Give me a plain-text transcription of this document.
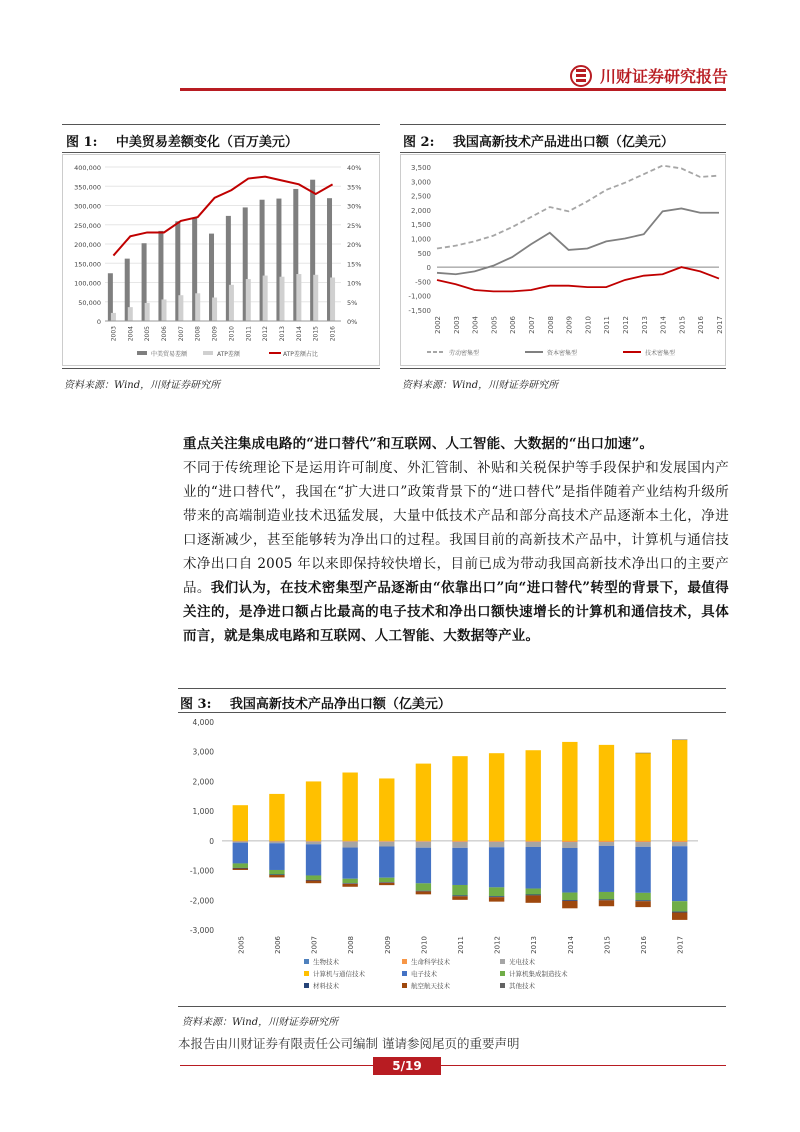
川财证券研究报告
图 1: 中美贸易差额变化（百万美元）
0
50,000
100,000
150,000
200,000
250,000
300,000
350,000
400,000
0%
5%
10%
15%
20%
25%
30%
35%
40%
2003 2004 2005 2006 2007 2008 2009 2010 2011 2012 2013 2014 2015 2016
中美贸易差额	ATP差额	ATP差额占比
资料来源：Wind，川财证券研究所
图 2: 我国高新技术产品进出口额（亿美元）
-1,500
-1,000
-500
0
500
1,000
1,500
2,000
2,500
3,000
3,500
2002 2003 2004 2005 2006 2007 2008 2009 2010 2011 2012 2013 2014 2015 2016 2017
劳动密集型	资本密集型	技术密集型
资料来源：Wind，川财证券研究所

重点关注集成电路的“进口替代”和互联网、人工智能、大数据的“出口加速”。

不同于传统理论下是运用许可制度、外汇管制、补贴和关税保护等手段保护和发展国内产业的“进口替代”，我国在“扩大进口”政策背景下的“进口替代”是指伴随着产业结构升级所带来的高端制造业技术迅猛发展，大量中低技术产品和部分高技术产品逐渐本土化，净进口逐渐减少，甚至能够转为净出口的过程。我国目前的高新技术产品中，计算机与通信技术净出口自 2005 年以来即保持较快增长，目前已成为带动我国高新技术净出口的主要产品。我们认为，在技术密集型产品逐渐由“依靠出口”向“进口替代”转型的背景下，最值得关注的，是净进口额占比最高的电子技术和净出口额快速增长的计算机和通信技术，具体而言，就是集成电路和互联网、人工智能、大数据等产业。

图 3: 我国高新技术产品净出口额（亿美元）
-3,000
-2,000
-1,000
0
1,000
2,000
3,000
4,000
2005	2006	2007	2008	2009	2010	2011	2012	2013	2014	2015	2016	2017
生物技术	生命科学技术	光电技术
计算机与通信技术	电子技术	计算机集成制造技术
材料技术	航空航天技术	其他技术
资料来源：Wind，川财证券研究所
本报告由川财证券有限责任公司编制 谨请参阅尾页的重要声明
5/19
